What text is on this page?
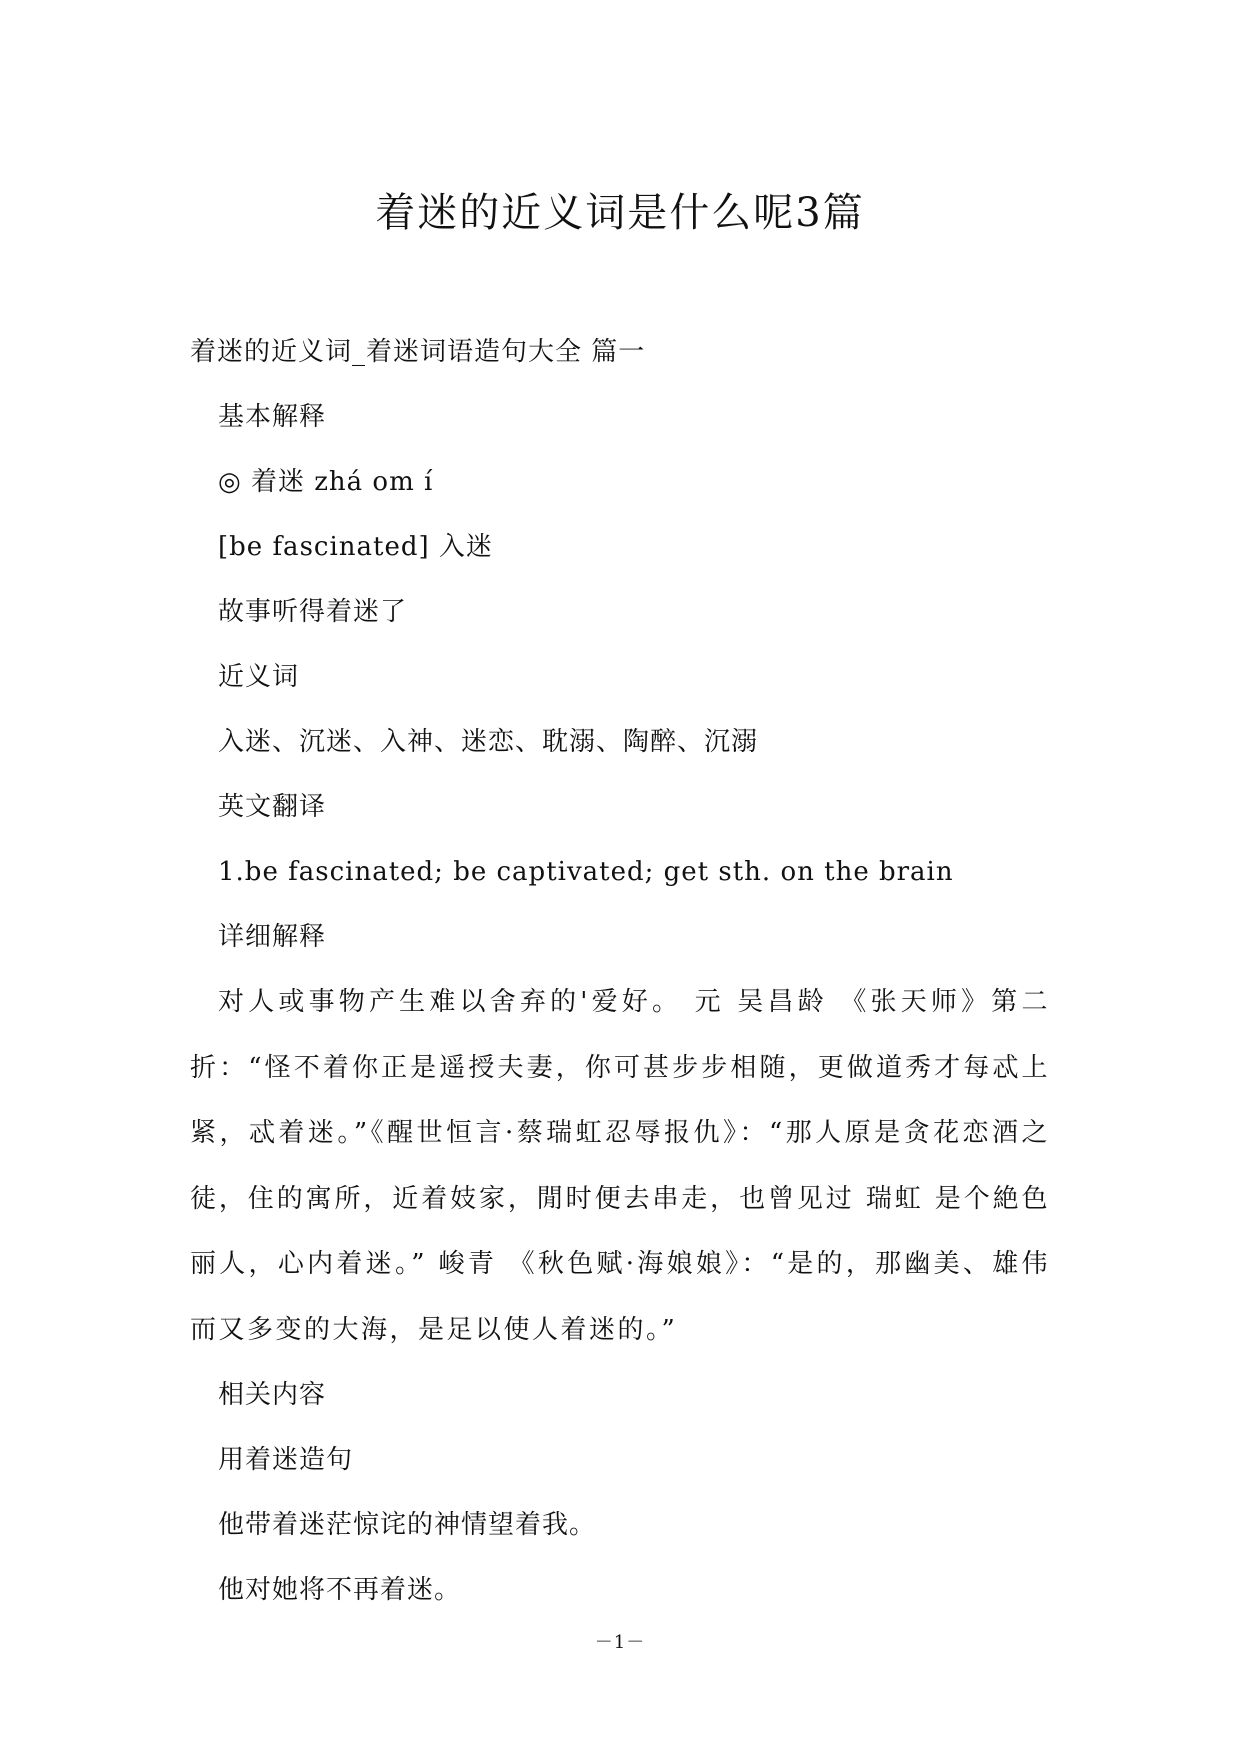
着迷的近义词是什么呢3篇

着迷的近义词_着迷词语造句大全 篇一

基本解释

◎ 着迷 zhá om í

[be fascinated] 入迷

故事听得着迷了

近义词

入迷、沉迷、入神、迷恋、耽溺、陶醉、沉溺

英文翻译

1.be fascinated; be captivated; get sth. on the brain

详细解释

对人或事物产生难以舍弃的'爱好。 元 吴昌龄 《张天师》第二折：“怪不着你正是遥授夫妻，你可甚步步相随，更做道秀才每忒上紧，忒着迷。”《醒世恒言·蔡瑞虹忍辱报仇》：“那人原是贪花恋酒之徒，住的寓所，近着妓家，閒时便去串走，也曾见过 瑞虹 是个絶色丽人，心内着迷。” 峻青 《秋色赋·海娘娘》：“是的，那幽美、雄伟而又多变的大海，是足以使人着迷的。”

相关内容

用着迷造句

他带着迷茫惊诧的神情望着我。

他对她将不再着迷。

－1－
